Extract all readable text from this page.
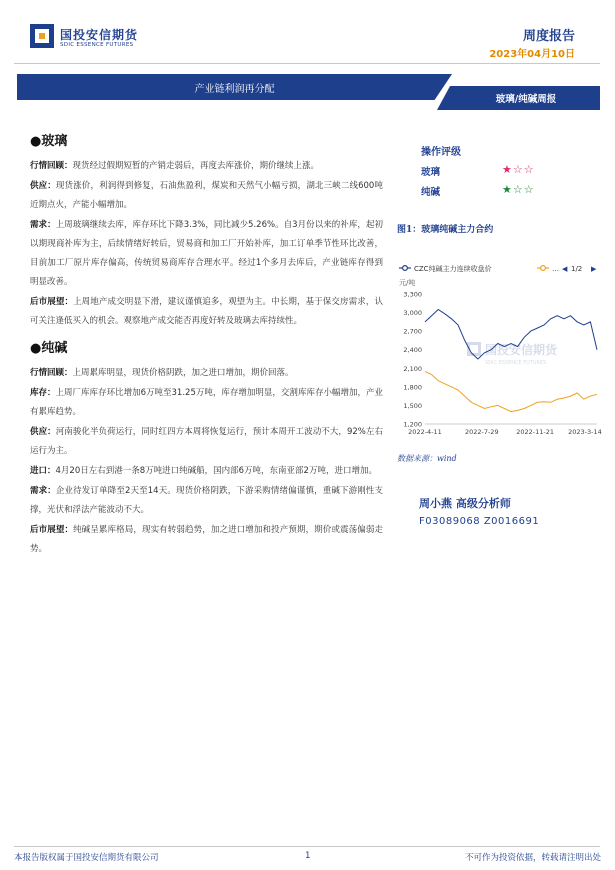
国投安信期货
SDIC ESSENCE FUTURES
周度报告
2023年04月10日
产业链利润再分配
玻璃/纯碱周报
●玻璃
行情回顾：现货经过假期短暂的产销走弱后，再度去库涨价，期价继续上涨。
供应：现货涨价，利润得到修复，石油焦盈利，煤炭和天然气小幅亏损，湖北三峡二线600吨近期点火，产能小幅增加。
需求：上周玻璃继续去库，库存环比下降3.3%，同比减少5.26%。自3月份以来的补库，起初以期现商补库为主，后续情绪好转后，贸易商和加工厂开始补库，加工订单季节性环比改善，目前加工厂原片库存偏高，传统贸易商库存合理水平。经过1个多月去库后，产业链库存得到明显改善。
后市展望：上周地产成交明显下滑，建议谨慎追多，观望为主。中长期，基于保交房需求，认可关注逢低买入的机会。观察地产成交能否再度好转及玻璃去库持续性。
●纯碱
行情回顾：上周累库明显，现货价格阴跌，加之进口增加，期价回落。
库存：上周厂库库存环比增加6万吨至31.25万吨，库存增加明显，交割库库存小幅增加，产业有累库趋势。
供应：河南骏化半负荷运行，同时红四方本周将恢复运行，预计本周开工波动不大，92%左右运行为主。
进口：4月20日左右到港一条8万吨进口纯碱船，国内部6万吨，东南亚部2万吨，进口增加。
需求：企业待发订单降至2天至14天。现货价格阴跌，下游采购情绪偏谨慎，重碱下游刚性支撑，光伏和浮法产能波动不大。
后市展望：纯碱呈累库格局，现实有转弱趋势，加之进口增加和投产预期，期价或震荡偏弱走势。
操作评级
玻璃	★☆☆
纯碱	★☆☆
图1：玻璃纯碱主力合约
CZC纯碱主力连续收盘价	… ◀ 1/2 ▶
元/吨
国投安信期货
SDIC ESSENCE FUTURES
1,200
1,500
1,800
2,100
2,400
2,700
3,000
3,300
2022-4-11	2022-7-29	2022-11-21 2023-3-14
数据来源：wind
周小燕 高级分析师
F03089068 Z0016691
本报告版权属于国投安信期货有限公司	1	不可作为投资依据，转载请注明出处
